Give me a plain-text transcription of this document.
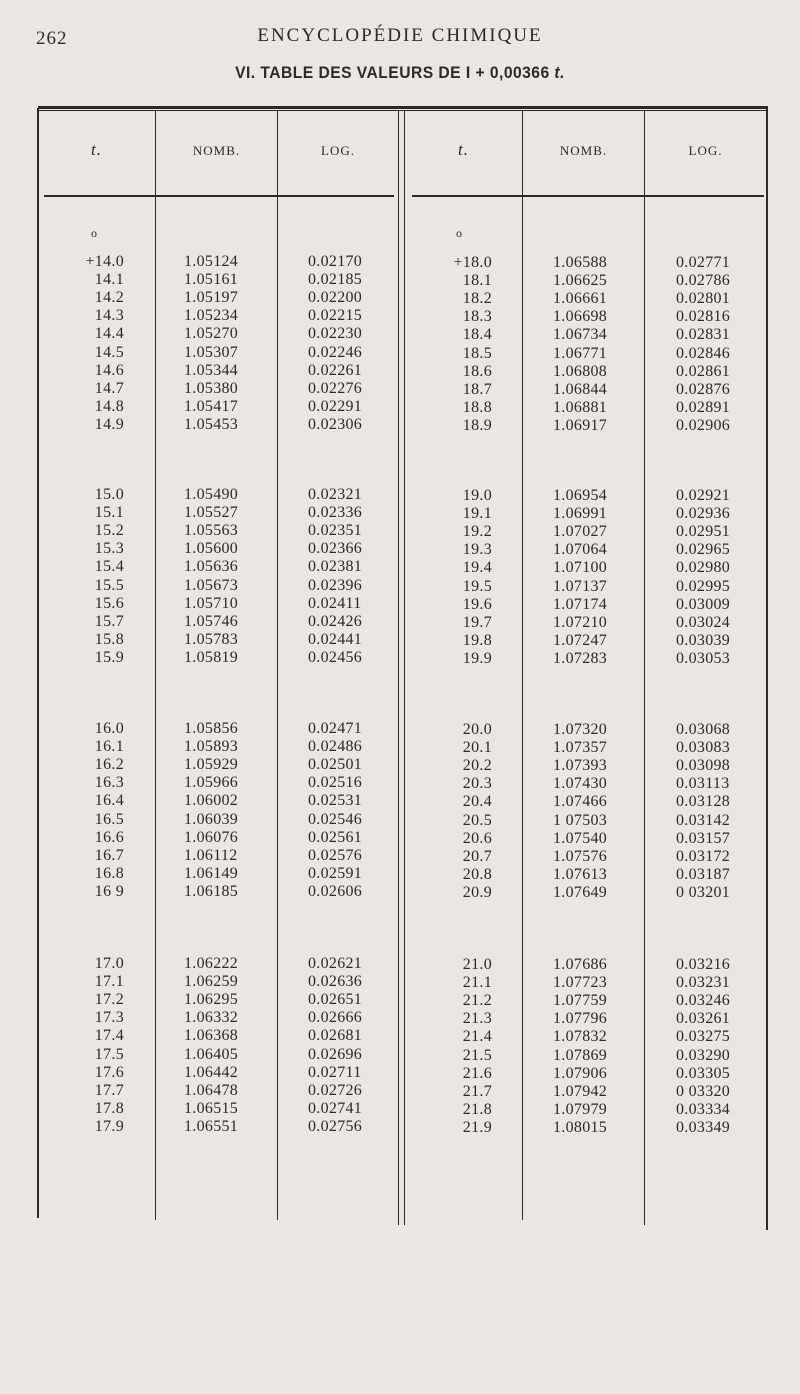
262	ENCYCLOPÉDIE CHIMIQUE
VI. TABLE DES VALEURS DE I + 0,00366 t.
t.	NOMB.	LOG.	t.	NOMB.	LOG.
o	o
+14.0	1.05124	0.02170
14.1	1.05161	0.02185
14.2	1.05197	0.02200
14.3	1.05234	0.02215
14.4	1.05270	0.02230
14.5	1.05307	0.02246
14.6	1.05344	0.02261
14.7	1.05380	0.02276
14.8	1.05417	0.02291
14.9	1.05453	0.02306
15.0	1.05490	0.02321
15.1	1.05527	0.02336
15.2	1.05563	0.02351
15.3	1.05600	0.02366
15.4	1.05636	0.02381
15.5	1.05673	0.02396
15.6	1.05710	0.02411
15.7	1.05746	0.02426
15.8	1.05783	0.02441
15.9	1.05819	0.02456
16.0	1.05856	0.02471
16.1	1.05893	0.02486
16.2	1.05929	0.02501
16.3	1.05966	0.02516
16.4	1.06002	0.02531
16.5	1.06039	0.02546
16.6	1.06076	0.02561
16.7	1.06112	0.02576
16.8	1.06149	0.02591
16 9	1.06185	0.02606
17.0	1.06222	0.02621
17.1	1.06259	0.02636
17.2	1.06295	0.02651
17.3	1.06332	0.02666
17.4	1.06368	0.02681
17.5	1.06405	0.02696
17.6	1.06442	0.02711
17.7	1.06478	0.02726
17.8	1.06515	0.02741
17.9	1.06551	0.02756
+18.0	1.06588	0.02771
18.1	1.06625	0.02786
18.2	1.06661	0.02801
18.3	1.06698	0.02816
18.4	1.06734	0.02831
18.5	1.06771	0.02846
18.6	1.06808	0.02861
18.7	1.06844	0.02876
18.8	1.06881	0.02891
18.9	1.06917	0.02906
19.0	1.06954	0.02921
19.1	1.06991	0.02936
19.2	1.07027	0.02951
19.3	1.07064	0.02965
19.4	1.07100	0.02980
19.5	1.07137	0.02995
19.6	1.07174	0.03009
19.7	1.07210	0.03024
19.8	1.07247	0.03039
19.9	1.07283	0.03053
20.0	1.07320	0.03068
20.1	1.07357	0.03083
20.2	1.07393	0.03098
20.3	1.07430	0.03113
20.4	1.07466	0.03128
20.5	1 07503	0.03142
20.6	1.07540	0.03157
20.7	1.07576	0.03172
20.8	1.07613	0.03187
20.9	1.07649	0 03201
21.0	1.07686	0.03216
21.1	1.07723	0.03231
21.2	1.07759	0.03246
21.3	1.07796	0.03261
21.4	1.07832	0.03275
21.5	1.07869	0.03290
21.6	1.07906	0.03305
21.7	1.07942	0 03320
21.8	1.07979	0.03334
21.9	1.08015	0.03349
